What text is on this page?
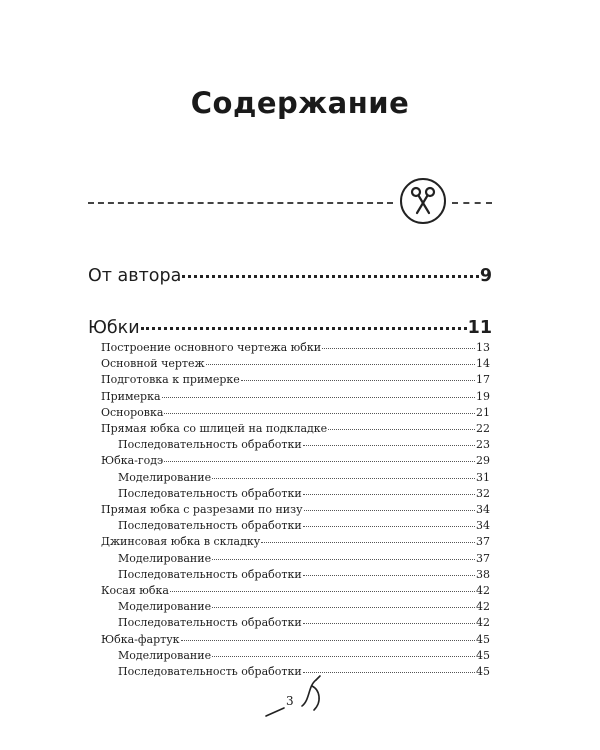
Содержание
От автора	9
Юбки	11
Построение основного чертежа юбки	13
Основной чертеж	14
Подготовка к примерке	17
Примерка	19
Осноровка	21
Прямая юбка со шлицей на подкладке	22
Последовательность обработки	23
Юбка-годэ	29
Моделирование	31
Последовательность обработки	32
Прямая юбка с разрезами по низу	34
Последовательность обработки	34
Джинсовая юбка в складку	37
Моделирование	37
Последовательность обработки	38
Косая юбка	42
Моделирование	42
Последовательность обработки	42
Юбка-фартук	45
Моделирование	45
Последовательность обработки	45
3
